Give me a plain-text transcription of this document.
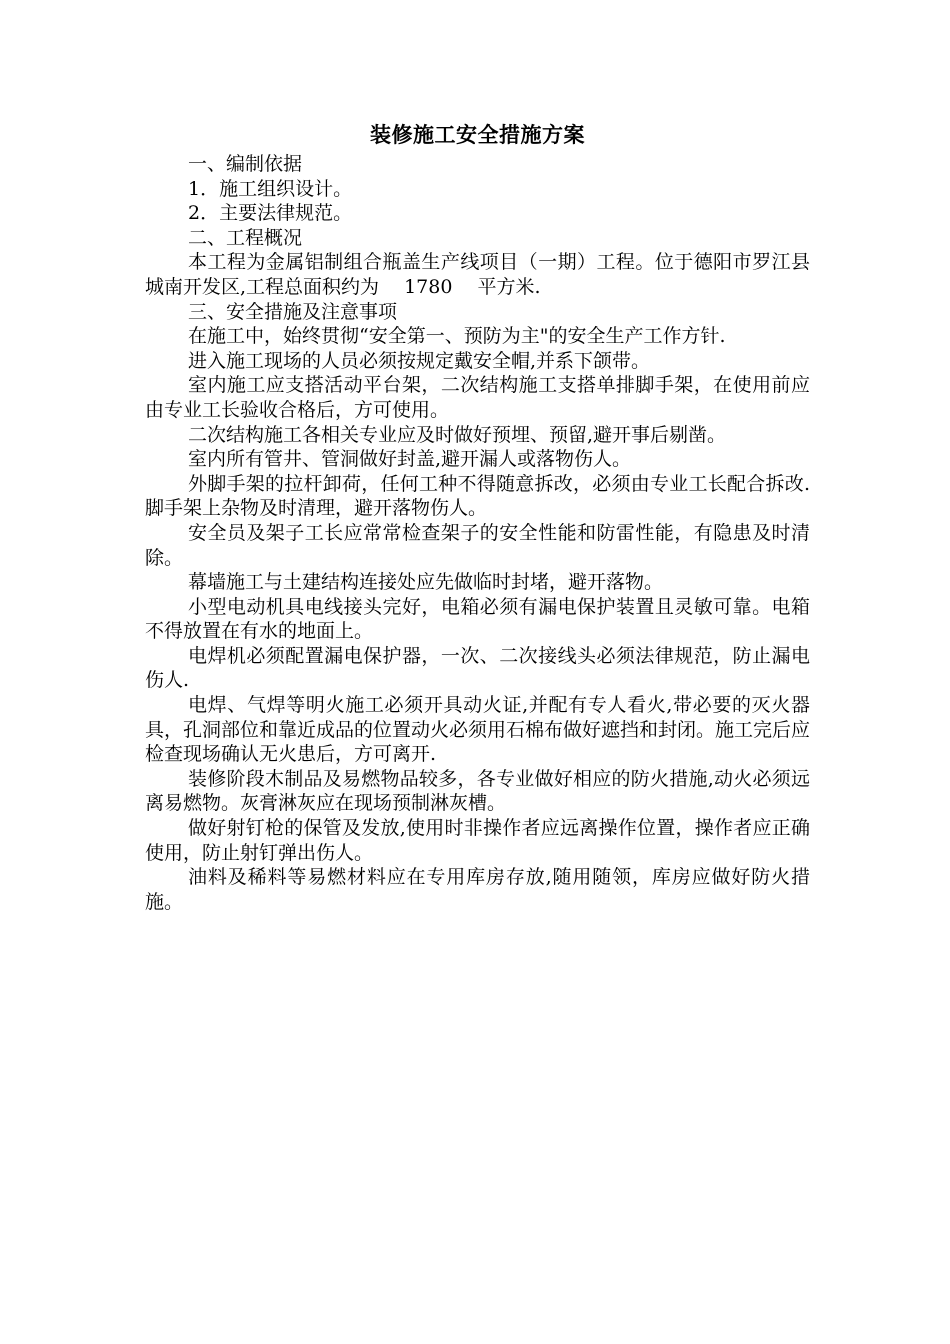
装修施工安全措施方案

一、编制依据

1．施工组织设计。

2．主要法律规范。

二、工程概况

本工程为金属铝制组合瓶盖生产线项目（一期）工程。位于德阳市罗江县城南开发区,工程总面积约为　 1780 　平方米.

三、安全措施及注意事项

在施工中，始终贯彻“安全第一、预防为主"的安全生产工作方针.

进入施工现场的人员必须按规定戴安全帽,并系下颌带。

室内施工应支搭活动平台架，二次结构施工支搭单排脚手架，在使用前应由专业工长验收合格后，方可使用。

二次结构施工各相关专业应及时做好预埋、预留,避开事后剔凿。

室内所有管井、管洞做好封盖,避开漏人或落物伤人。

外脚手架的拉杆卸荷，任何工种不得随意拆改，必须由专业工长配合拆改.脚手架上杂物及时清理，避开落物伤人。

安全员及架子工长应常常检查架子的安全性能和防雷性能，有隐患及时清除。

幕墙施工与土建结构连接处应先做临时封堵，避开落物。

小型电动机具电线接头完好，电箱必须有漏电保护装置且灵敏可靠。电箱不得放置在有水的地面上。

电焊机必须配置漏电保护器，一次、二次接线头必须法律规范，防止漏电伤人.

电焊、气焊等明火施工必须开具动火证,并配有专人看火,带必要的灭火器具，孔洞部位和靠近成品的位置动火必须用石棉布做好遮挡和封闭。施工完后应检查现场确认无火患后，方可离开.

装修阶段木制品及易燃物品较多，各专业做好相应的防火措施,动火必须远离易燃物。灰膏淋灰应在现场预制淋灰槽。

做好射钉枪的保管及发放,使用时非操作者应远离操作位置，操作者应正确使用，防止射钉弹出伤人。

油料及稀料等易燃材料应在专用库房存放,随用随领，库房应做好防火措施。
